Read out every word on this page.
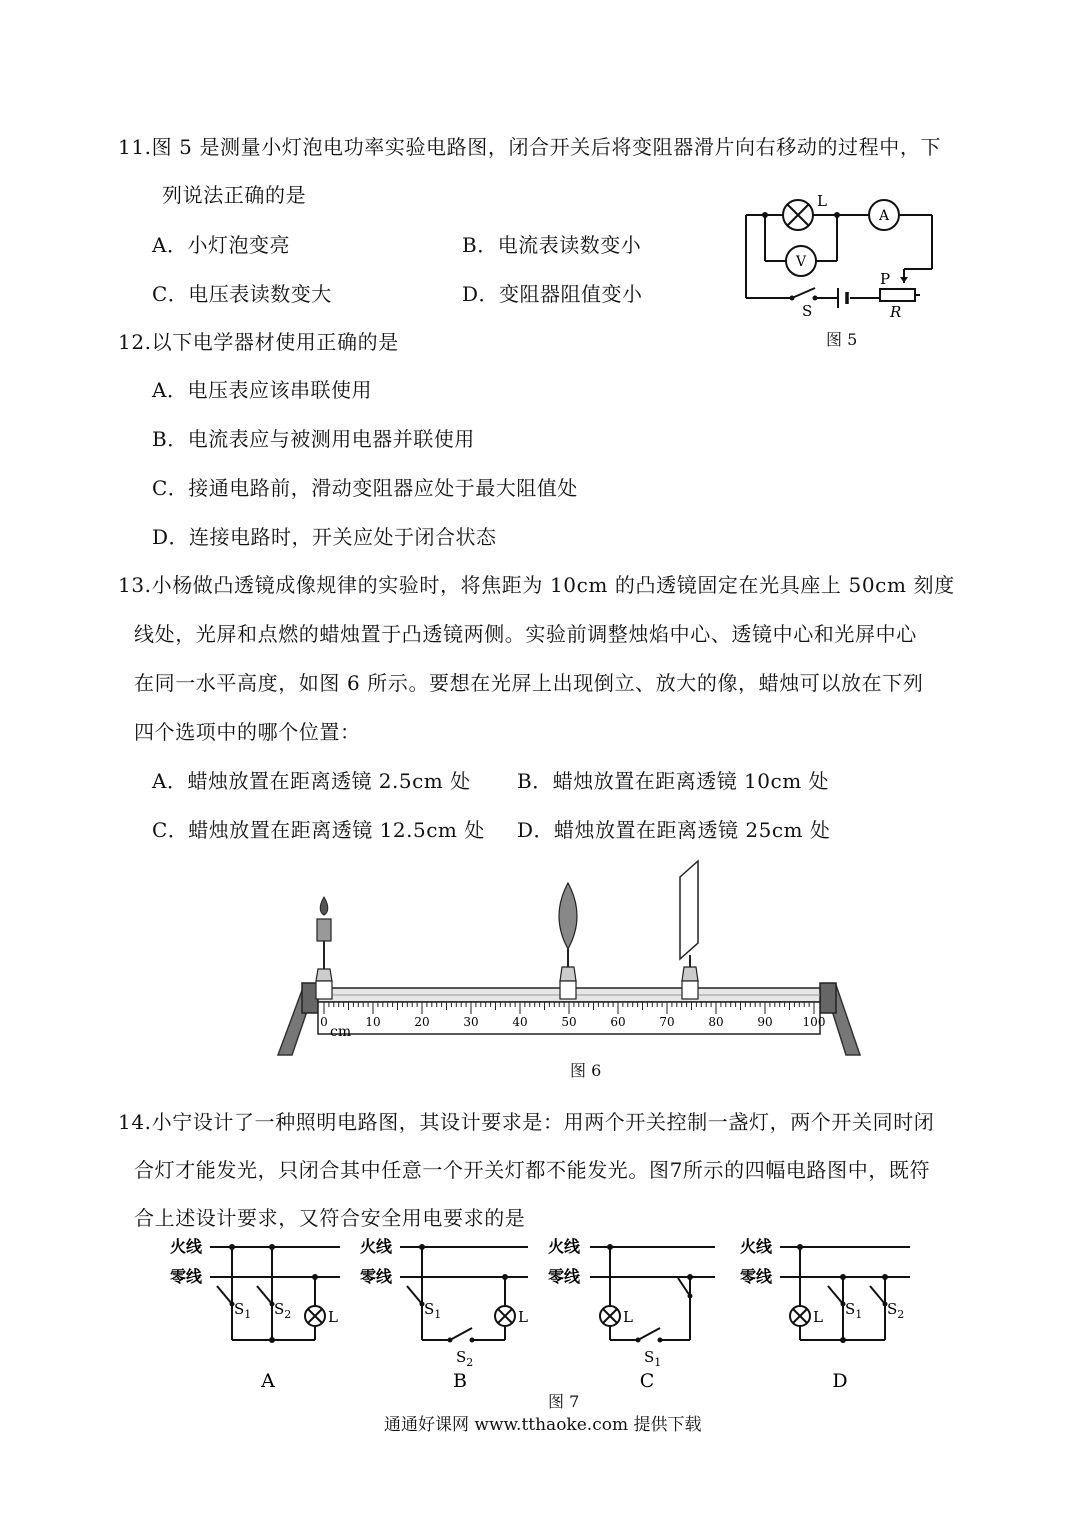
11.图 5 是测量小灯泡电功率实验电路图，闭合开关后将变阻器滑片向右移动的过程中，下
列说法正确的是
A．小灯泡变亮	B．电流表读数变小
C．电压表读数变大	D．变阻器阻值变小
L
A
V
S
P
R
图 5
12.以下电学器材使用正确的是
A．电压表应该串联使用
B．电流表应与被测用电器并联使用
C．接通电路前，滑动变阻器应处于最大阻值处
D．连接电路时，开关应处于闭合状态
13.小杨做凸透镜成像规律的实验时，将焦距为 10cm 的凸透镜固定在光具座上 50cm 刻度
线处，光屏和点燃的蜡烛置于凸透镜两侧。实验前调整烛焰中心、透镜中心和光屏中心
在同一水平高度，如图 6 所示。要想在光屏上出现倒立、放大的像，蜡烛可以放在下列
四个选项中的哪个位置：
A．蜡烛放置在距离透镜 2.5cm 处 B．蜡烛放置在距离透镜 10cm 处
C．蜡烛放置在距离透镜 12.5cm 处 D．蜡烛放置在距离透镜 25cm 处
0	10	20	30	40	50	60	70	80	90 100
cm
图 6
14.小宁设计了一种照明电路图，其设计要求是：用两个开关控制一盏灯，两个开关同时闭
合灯才能发光，只闭合其中任意一个开关灯都不能发光。图7所示的四幅电路图中，既符
合上述设计要求，又符合安全用电要求的是
火线
零线
火线
零线
火线
零线
火线
零线
L	L	L	L
$S_1$ $S_2$	$S_1$
$S_2$	$S_1$
$S_1$ $S_2$
A	B	C	D
图 7
通通好课网 www.tthaoke.com 提供下载
